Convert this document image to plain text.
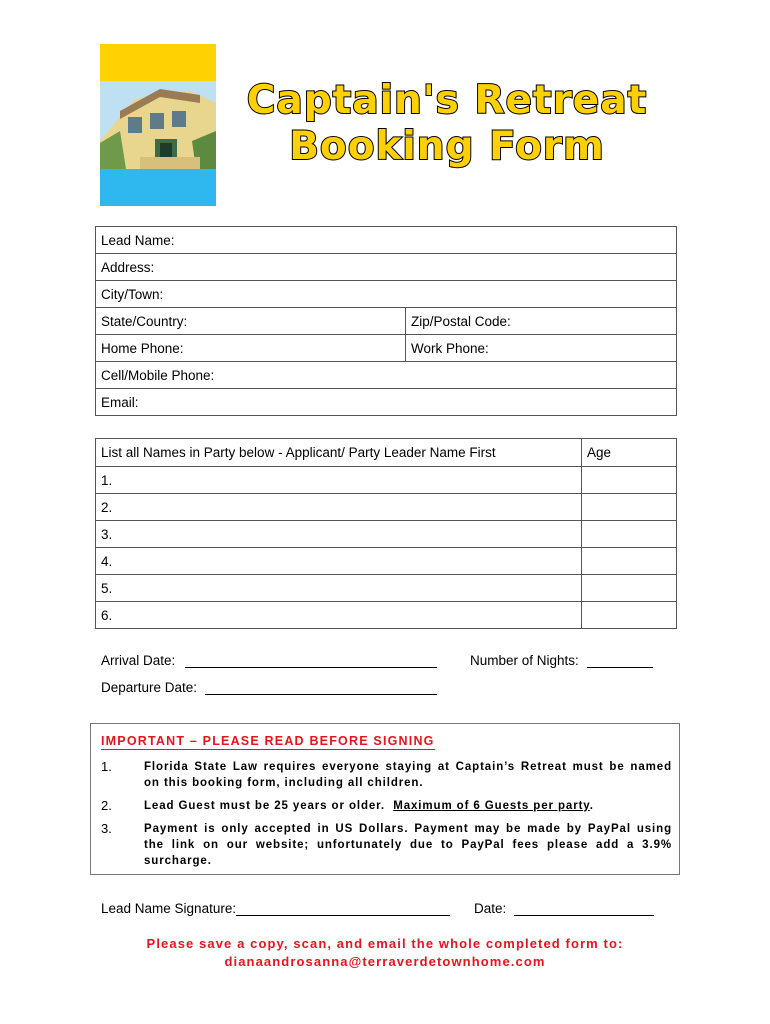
Captain's Retreat
Booking Form
Lead Name:	
Address:	
City/Town:	
State/Country:	Zip/Postal Code:
Home Phone:	Work Phone:
Cell/Mobile Phone:	
Email:	
List all Names in Party below - Applicant/ Party Leader Name First	Age
1.	
2.	
3.	
4.	
5.	
6.	
Arrival Date:	Number of Nights:
Departure Date:
IMPORTANT – PLEASE READ BEFORE SIGNING
1.	Florida State Law requires everyone staying at Captain’s Retreat must be named on this booking form, including all children.
2.	Lead Guest must be 25 years or older. Maximum of 6 Guests per party.
3.	Payment is only accepted in US Dollars. Payment may be made by PayPal using the link on our website; unfortunately due to PayPal fees please add a 3.9% surcharge.
Lead Name Signature:	Date:
Please save a copy, scan, and email the whole completed form to:
dianaandrosanna@terraverdetownhome.com
